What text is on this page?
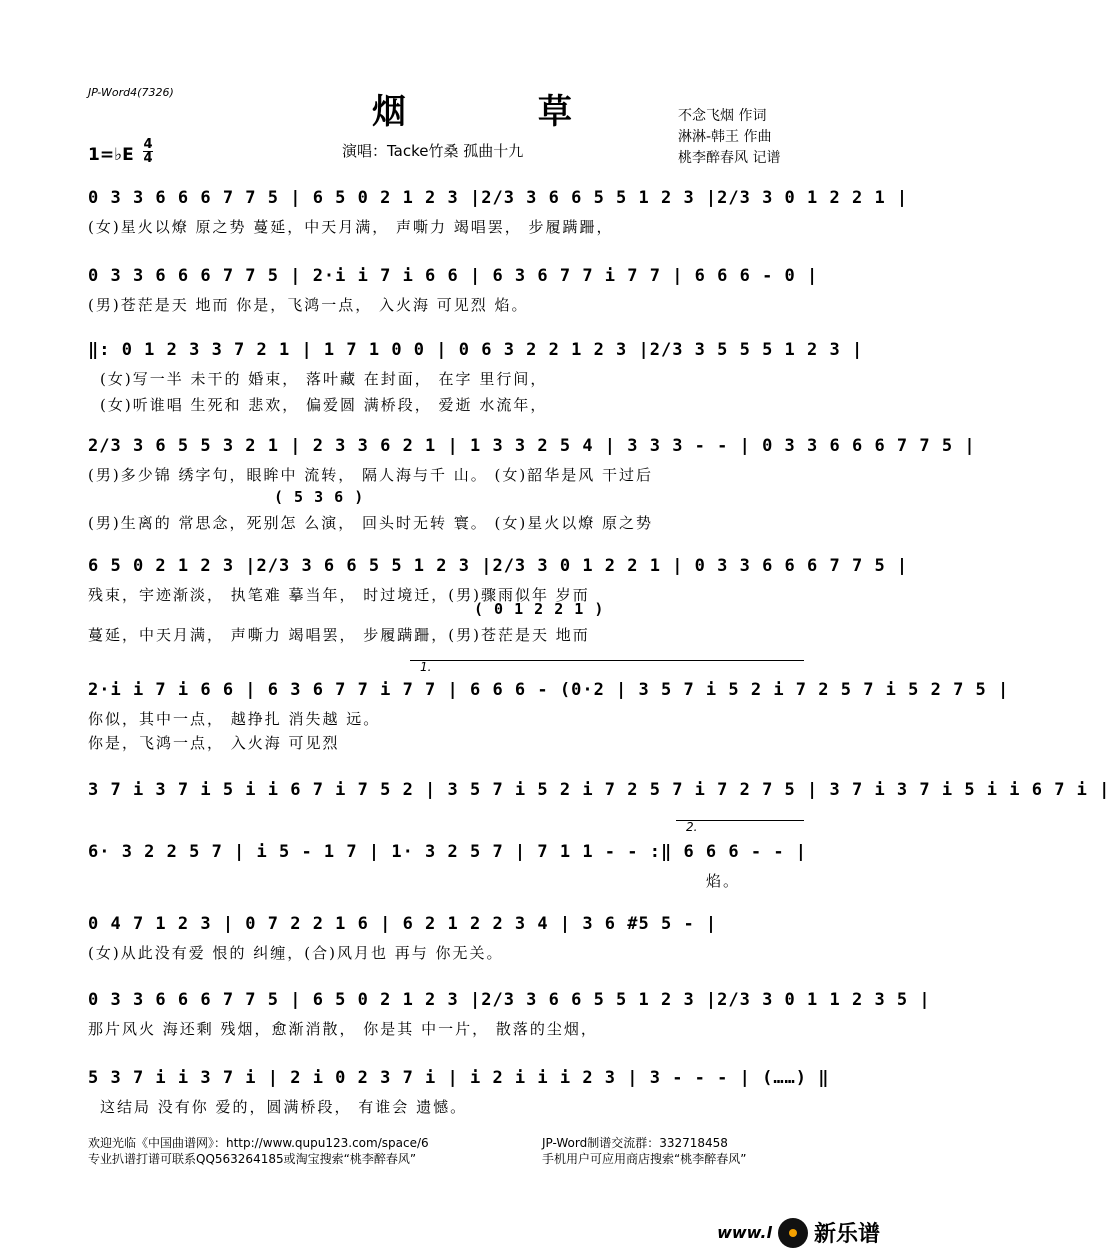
JP-Word4(7326)	烟 草
1=♭E
4
4	演唱：Tacke竹桑 孤曲十九
不念飞烟 作词
淋淋-韩王 作曲
桃李醉春风 记谱
0 3 3 6 6 6 7 7 5 | 6 5 0 2 1 2 3 |2/3 3 6 6 5 5 1 2 3 |2/3 3 0 1 2 2 1 |
(女)星火以燎 原之势 蔓延，中天月满， 声嘶力 竭唱罢， 步履蹒跚，
0 3 3 6 6 6 7 7 5 | 2·i i 7 i 6 6 | 6 3 6 7 7 i 7 7 | 6 6 6 - 0 |
(男)苍茫是天 地而 你是，飞鸿一点， 入火海 可见烈 焰。
‖: 0 1 2 3 3 7 2 1 | 1 7 1 0 0 | 0 6 3 2 2 1 2 3 |2/3 3 5 5 5 1 2 3 |
(女)写一半 未干的 婚束， 落叶藏 在封面， 在字 里行间，
(女)听谁唱 生死和 悲欢， 偏爱圆 满桥段， 爱逝 水流年，
2/3 3 6 5 5 3 2 1 | 2 3 3 6 2 1 | 1 3 3 2 5 4 | 3 3 3 - - | 0 3 3 6 6 6 7 7 5 |
(男)多少锦 绣字句，眼眸中 流转， 隔人海与千 山。 (女)韶华是风 干过后
( 5 3 6 )
(男)生离的 常思念，死别怎 么演， 回头时无转 寰。 (女)星火以燎 原之势
6 5 0 2 1 2 3 |2/3 3 6 6 5 5 1 2 3 |2/3 3 0 1 2 2 1 | 0 3 3 6 6 6 7 7 5 |
残束，宇迹渐淡， 执笔难 摹当年， 时过境迁，(男)骤雨似年 岁而
( 0 1 2 2 1 )
蔓延，中天月满， 声嘶力 竭唱罢， 步履蹒跚，(男)苍茫是天 地而
1.
2·i i 7 i 6 6 | 6 3 6 7 7 i 7 7 | 6 6 6 - (0·2 | 3 5 7 i 5 2 i 7 2 5 7 i 5 2 7 5 |
你似，其中一点， 越挣扎 消失越 远。
你是，飞鸿一点， 入火海 可见烈
3 7 i 3 7 i 5 i i 6 7 i 7 5 2 | 3 5 7 i 5 2 i 7 2 5 7 i 7 2 7 5 | 3 7 i 3 7 i 5 i i 6 7 i |
2.
6· 3 2 2 5 7 | i 5 - 1 7 | 1· 3 2 5 7 | 7 1 1 - - :‖ 6 6 6 - - |
焰。
0 4 7 1 2 3 | 0 7 2 2 1 6 | 6 2 1 2 2 3 4 | 3 6 #5 5 - |
(女)从此没有爱 恨的 纠缠，(合)风月也 再与 你无关。
0 3 3 6 6 6 7 7 5 | 6 5 0 2 1 2 3 |2/3 3 6 6 5 5 1 2 3 |2/3 3 0 1 1 2 3 5 |
那片风火 海还剩 残烟，愈渐消散， 你是其 中一片， 散落的尘烟，
5 3 7 i i 3 7 i | 2 i 0 2 3 7 i | i 2 i i i 2 3 | 3 - - - | (……) ‖
这结局 没有你 爱的，圆满桥段， 有谁会 遗憾。
欢迎光临《中国曲谱网》：http://www.qupu123.com/space/6
专业扒谱打谱可联系QQ563264185或淘宝搜索“桃李醉春风”
JP-Word制谱交流群：332718458
手机用户可应用商店搜索“桃李醉春风”
www.l 新乐谱
